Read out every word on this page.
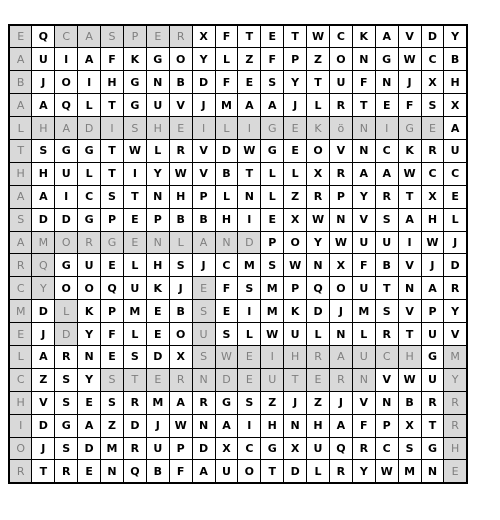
E	Q	C	A	S	P	E	R	X	F	T	E	T	W	C	K	A	V	D	Y
A	U	I	A	F	K	G	O	Y	L	Z	F	P	Z	O	N	G	W	C	B
B	J	O	I	H	G	N	B	D	F	E	S	Y	T	U	F	N	J	X	H
A	A	Q	L	T	G	U	V	J	M	A	A	J	L	R	T	E	F	S	X
L	H	A	D	I	S	H	E	I	L	I	G	E	K	ö	N	I	G	E	A
T	S	G	G	T	W	L	R	V	D	W	G	E	O	V	N	C	K	R	U
H	H	U	L	T	I	Y	W	V	B	T	L	L	X	R	A	A	W	C	C
A	A	I	C	S	T	N	H	P	L	N	L	Z	R	P	Y	R	T	X	E
S	D	D	G	P	E	P	B	B	H	I	E	X	W	N	V	S	A	H	L
A	M	O	R	G	E	N	L	A	N	D	P	O	Y	W	U	U	I	W	J
R	Q	G	U	E	L	H	S	J	C	M	S	W	N	X	F	B	V	J	D
C	Y	O	O	Q	U	K	J	E	F	S	M	P	Q	O	U	T	N	A	R
M	D	L	K	P	M	E	B	S	E	I	M	K	D	J	M	S	V	P	Y
E	J	D	Y	F	L	E	O	U	S	L	W	U	L	N	L	R	T	U	V
L	A	R	N	E	S	D	X	S	W	E	I	H	R	A	U	C	H	G	M
C	Z	S	Y	S	T	E	R	N	D	E	U	T	E	R	N	V	W	U	Y
H	V	S	E	S	R	M	A	R	G	S	Z	J	Z	J	V	N	B	R	R
I	D	G	A	Z	D	J	W	N	A	I	H	N	H	A	F	P	X	T	R
O	J	S	D	M	R	U	P	D	X	C	G	X	U	Q	R	C	S	G	H
R	T	R	E	N	Q	B	F	A	U	O	T	D	L	R	Y	W	M	N	E
